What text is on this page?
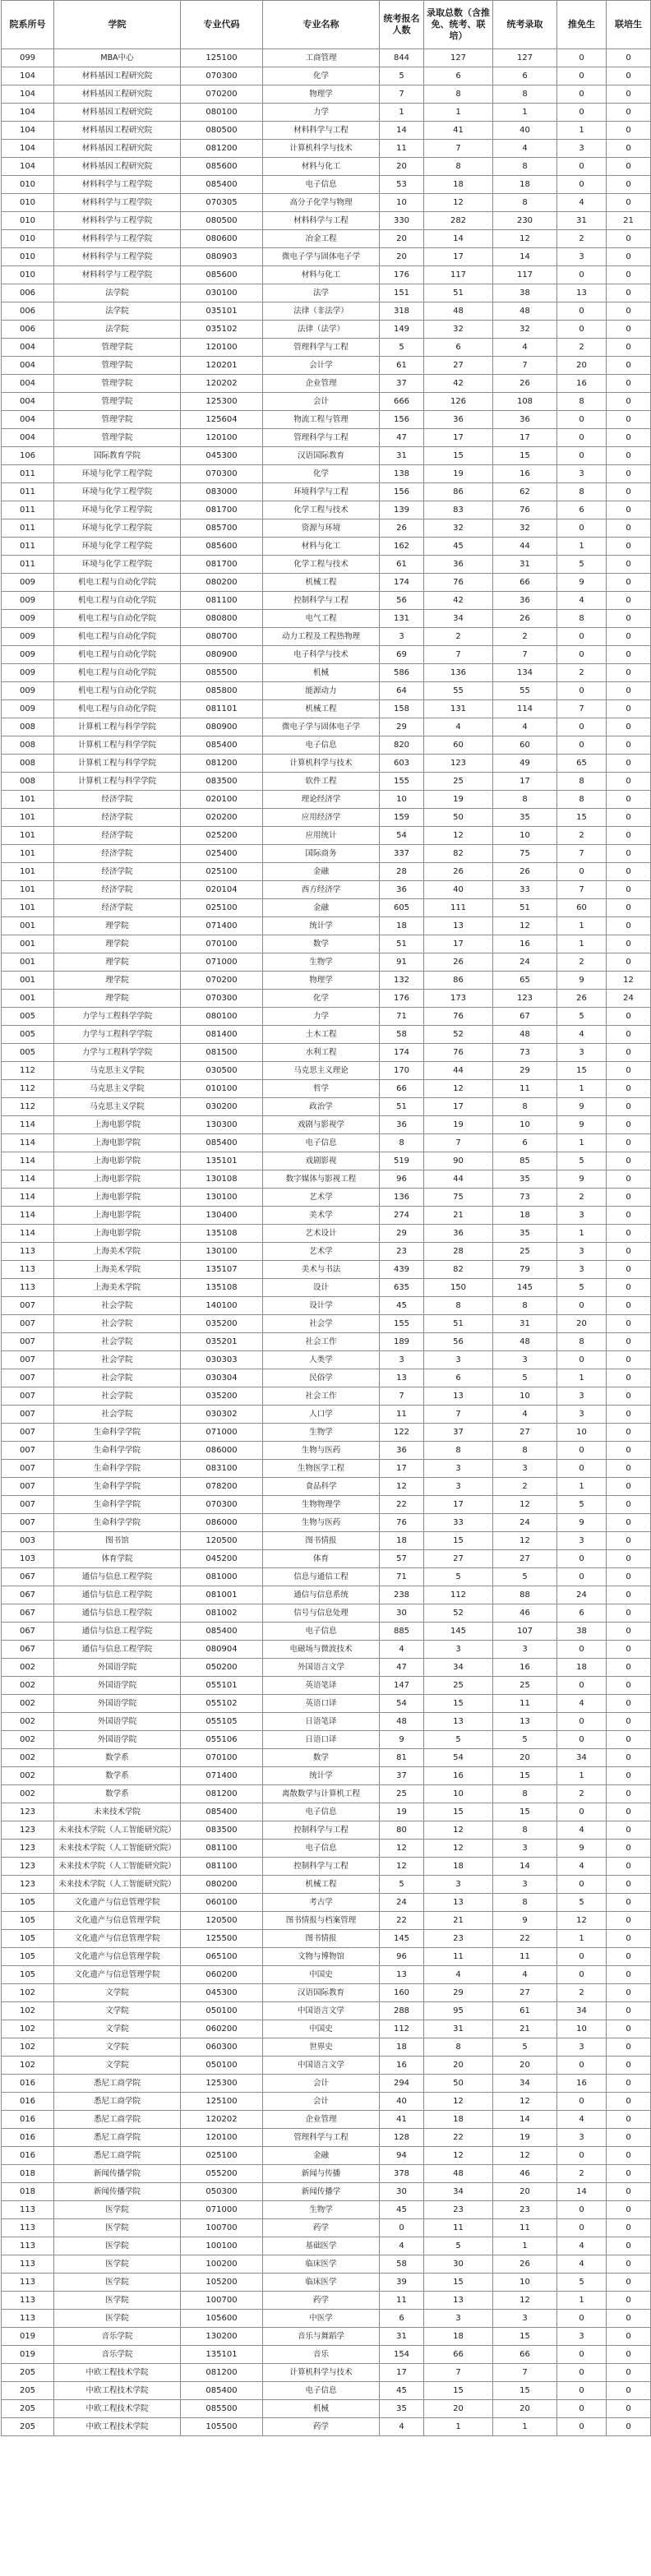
院系所号	学院	专业代码	专业名称	统考报名人数	录取总数（含推免、统考、联培）	统考录取	推免生	联培生
099	MBA中心	125100	工商管理	844	127	127	0	0
104	材料基因工程研究院	070300	化学	5	6	6	0	0
104	材料基因工程研究院	070200	物理学	7	8	8	0	0
104	材料基因工程研究院	080100	力学	1	1	1	0	0
104	材料基因工程研究院	080500	材料科学与工程	14	41	40	1	0
104	材料基因工程研究院	081200	计算机科学与技术	11	7	4	3	0
104	材料基因工程研究院	085600	材料与化工	20	8	8	0	0
010	材料科学与工程学院	085400	电子信息	53	18	18	0	0
010	材料科学与工程学院	070305	高分子化学与物理	10	12	8	4	0
010	材料科学与工程学院	080500	材料科学与工程	330	282	230	31	21
010	材料科学与工程学院	080600	冶金工程	20	14	12	2	0
010	材料科学与工程学院	080903	微电子学与固体电子学	20	17	14	3	0
010	材料科学与工程学院	085600	材料与化工	176	117	117	0	0
006	法学院	030100	法学	151	51	38	13	0
006	法学院	035101	法律（非法学）	318	48	48	0	0
006	法学院	035102	法律（法学）	149	32	32	0	0
004	管理学院	120100	管理科学与工程	5	6	4	2	0
004	管理学院	120201	会计学	61	27	7	20	0
004	管理学院	120202	企业管理	37	42	26	16	0
004	管理学院	125300	会计	666	126	108	8	0
004	管理学院	125604	物流工程与管理	156	36	36	0	0
004	管理学院	120100	管理科学与工程	47	17	17	0	0
106	国际教育学院	045300	汉语国际教育	31	15	15	0	0
011	环境与化学工程学院	070300	化学	138	19	16	3	0
011	环境与化学工程学院	083000	环境科学与工程	156	86	62	8	0
011	环境与化学工程学院	081700	化学工程与技术	139	83	76	6	0
011	环境与化学工程学院	085700	资源与环境	26	32	32	0	0
011	环境与化学工程学院	085600	材料与化工	162	45	44	1	0
011	环境与化学工程学院	081700	化学工程与技术	61	36	31	5	0
009	机电工程与自动化学院	080200	机械工程	174	76	66	9	0
009	机电工程与自动化学院	081100	控制科学与工程	56	42	36	4	0
009	机电工程与自动化学院	080800	电气工程	131	34	26	8	0
009	机电工程与自动化学院	080700	动力工程及工程热物理	3	2	2	0	0
009	机电工程与自动化学院	080900	电子科学与技术	69	7	7	0	0
009	机电工程与自动化学院	085500	机械	586	136	134	2	0
009	机电工程与自动化学院	085800	能源动力	64	55	55	0	0
009	机电工程与自动化学院	081101	机械工程	158	131	114	7	0
008	计算机工程与科学学院	080900	微电子学与固体电子学	29	4	4	0	0
008	计算机工程与科学学院	085400	电子信息	820	60	60	0	0
008	计算机工程与科学学院	081200	计算机科学与技术	603	123	49	65	0
008	计算机工程与科学学院	083500	软件工程	155	25	17	8	0
101	经济学院	020100	理论经济学	10	19	8	8	0
101	经济学院	020200	应用经济学	159	50	35	15	0
101	经济学院	025200	应用统计	54	12	10	2	0
101	经济学院	025400	国际商务	337	82	75	7	0
101	经济学院	025100	金融	28	26	26	0	0
101	经济学院	020104	西方经济学	36	40	33	7	0
101	经济学院	025100	金融	605	111	51	60	0
001	理学院	071400	统计学	18	13	12	1	0
001	理学院	070100	数学	51	17	16	1	0
001	理学院	071000	生物学	91	26	24	2	0
001	理学院	070200	物理学	132	86	65	9	12
001	理学院	070300	化学	176	173	123	26	24
005	力学与工程科学学院	080100	力学	71	76	67	5	0
005	力学与工程科学学院	081400	土木工程	58	52	48	4	0
005	力学与工程科学学院	081500	水利工程	174	76	73	3	0
112	马克思主义学院	030500	马克思主义理论	170	44	29	15	0
112	马克思主义学院	010100	哲学	66	12	11	1	0
112	马克思主义学院	030200	政治学	51	17	8	9	0
114	上海电影学院	130300	戏剧与影视学	36	19	10	9	0
114	上海电影学院	085400	电子信息	8	7	6	1	0
114	上海电影学院	135101	戏剧影视	519	90	85	5	0
114	上海电影学院	130108	数字媒体与影视工程	96	44	35	9	0
114	上海电影学院	130100	艺术学	136	75	73	2	0
114	上海电影学院	130400	美术学	274	21	18	3	0
114	上海电影学院	135108	艺术设计	29	36	35	1	0
113	上海美术学院	130100	艺术学	23	28	25	3	0
113	上海美术学院	135107	美术与书法	439	82	79	3	0
113	上海美术学院	135108	设计	635	150	145	5	0
007	社会学院	140100	设计学	45	8	8	0	0
007	社会学院	035200	社会学	155	51	31	20	0
007	社会学院	035201	社会工作	189	56	48	8	0
007	社会学院	030303	人类学	3	3	3	0	0
007	社会学院	030304	民俗学	13	6	5	1	0
007	社会学院	035200	社会工作	7	13	10	3	0
007	社会学院	030302	人口学	11	7	4	3	0
007	生命科学学院	071000	生物学	122	37	27	10	0
007	生命科学学院	086000	生物与医药	36	8	8	0	0
007	生命科学学院	083100	生物医学工程	17	3	3	0	0
007	生命科学学院	078200	食品科学	12	3	2	1	0
007	生命科学学院	070300	生物物理学	22	17	12	5	0
007	生命科学学院	086000	生物与医药	76	33	24	9	0
003	图书馆	120500	图书情报	18	15	12	3	0
103	体育学院	045200	体育	57	27	27	0	0
067	通信与信息工程学院	081000	信息与通信工程	71	5	5	0	0
067	通信与信息工程学院	081001	通信与信息系统	238	112	88	24	0
067	通信与信息工程学院	081002	信号与信息处理	30	52	46	6	0
067	通信与信息工程学院	085400	电子信息	885	145	107	38	0
067	通信与信息工程学院	080904	电磁场与微波技术	4	3	3	0	0
002	外国语学院	050200	外国语言文学	47	34	16	18	0
002	外国语学院	055101	英语笔译	147	25	25	0	0
002	外国语学院	055102	英语口译	54	15	11	4	0
002	外国语学院	055105	日语笔译	48	13	13	0	0
002	外国语学院	055106	日语口译	9	5	5	0	0
002	数学系	070100	数学	81	54	20	34	0
002	数学系	071400	统计学	37	16	15	1	0
002	数学系	081200	离散数学与计算机工程	25	10	8	2	0
123	未来技术学院	085400	电子信息	19	15	15	0	0
123	未来技术学院（人工智能研究院）	083500	控制科学与工程	80	12	8	4	0
123	未来技术学院（人工智能研究院）	081100	电子信息	12	12	3	9	0
123	未来技术学院（人工智能研究院）	081100	控制科学与工程	12	18	14	4	0
123	未来技术学院（人工智能研究院）	080200	机械工程	5	3	3	0	0
105	文化遗产与信息管理学院	060100	考古学	24	13	8	5	0
105	文化遗产与信息管理学院	120500	图书情报与档案管理	22	21	9	12	0
105	文化遗产与信息管理学院	125500	图书情报	145	23	22	1	0
105	文化遗产与信息管理学院	065100	文物与博物馆	96	11	11	0	0
105	文化遗产与信息管理学院	060200	中国史	13	4	4	0	0
102	文学院	045300	汉语国际教育	160	29	27	2	0
102	文学院	050100	中国语言文学	288	95	61	34	0
102	文学院	060200	中国史	112	31	21	10	0
102	文学院	060300	世界史	18	8	5	3	0
102	文学院	050100	中国语言文学	16	20	20	0	0
016	悉尼工商学院	125300	会计	294	50	34	16	0
016	悉尼工商学院	125100	会计	40	12	12	0	0
016	悉尼工商学院	120202	企业管理	41	18	14	4	0
016	悉尼工商学院	120100	管理科学与工程	128	22	19	3	0
016	悉尼工商学院	025100	金融	94	12	12	0	0
018	新闻传播学院	055200	新闻与传播	378	48	46	2	0
018	新闻传播学院	050300	新闻传播学	30	34	20	14	0
113	医学院	071000	生物学	45	23	23	0	0
113	医学院	100700	药学	0	11	11	0	0
113	医学院	100100	基础医学	4	5	1	4	0
113	医学院	100200	临床医学	58	30	26	4	0
113	医学院	105200	临床医学	39	15	10	5	0
113	医学院	100700	药学	11	13	12	1	0
113	医学院	105600	中医学	6	3	3	0	0
019	音乐学院	130200	音乐与舞蹈学	31	18	15	3	0
019	音乐学院	135101	音乐	154	66	66	0	0
205	中欧工程技术学院	081200	计算机科学与技术	17	7	7	0	0
205	中欧工程技术学院	085400	电子信息	45	15	15	0	0
205	中欧工程技术学院	085500	机械	35	20	20	0	0
205	中欧工程技术学院	105500	药学	4	1	1	0	0
